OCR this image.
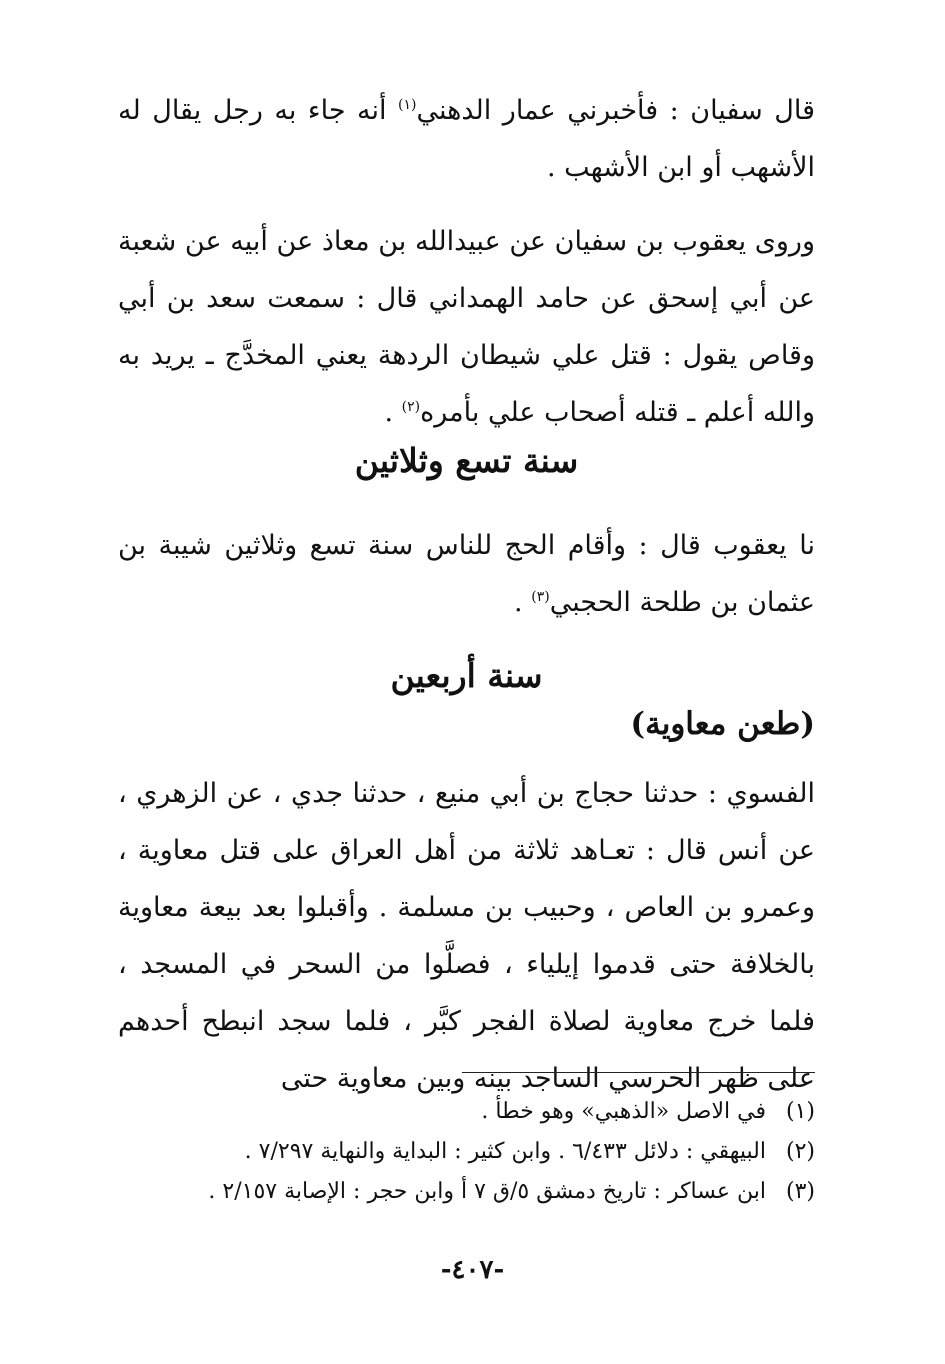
قال سفيان : فأخبرني عمار الدهني$^{(١)}$ أنه جاء به رجل يقال له الأشهب أو ابن الأشهب .

وروى يعقوب بن سفيان عن عبيدالله بن معاذ عن أبيه عن شعبة عن أبي إسحق عن حامد الهمداني قال : سمعت سعد بن أبي وقاص يقول : قتل علي شيطان الردهة يعني المخدَّج ـ يريد به والله أعلم ـ قتله أصحاب علي بأمره$^{(٢)}$ .

سنة تسع وثلاثين

نا يعقوب قال : وأقام الحج للناس سنة تسع وثلاثين شيبة بن عثمان بن طلحة الحجبي$^{(٣)}$ .

سنة أربعين
(طعن معاوية)

الفسوي : حدثنا حجاج بن أبي منيع ، حدثنا جدي ، عن الزهري ، عن أنس قال : تعـاهد ثلاثة من أهل العراق على قتل معاوية ، وعمرو بن العاص ، وحبيب بن مسلمة . وأقبلوا بعد بيعة معاوية بالخلافة حتى قدموا إيلياء ، فصلَّوا من السحر في المسجد ، فلما خرج معاوية لصلاة الفجر كبَّر ، فلما سجد انبطح أحدهم على ظهر الحرسي الساجد بينه وبين معاوية حتى

(١) في الاصل «الذهبي» وهو خطأ .
(٢) البيهقي : دلائل ٦/٤٣٣ . وابن كثير : البداية والنهاية ٧/٢٩٧ .
(٣) ابن عساكر : تاريخ دمشق ٥/ق ٧ أ وابن حجر : الإصابة ٢/١٥٧ .
-٤٠٧-
